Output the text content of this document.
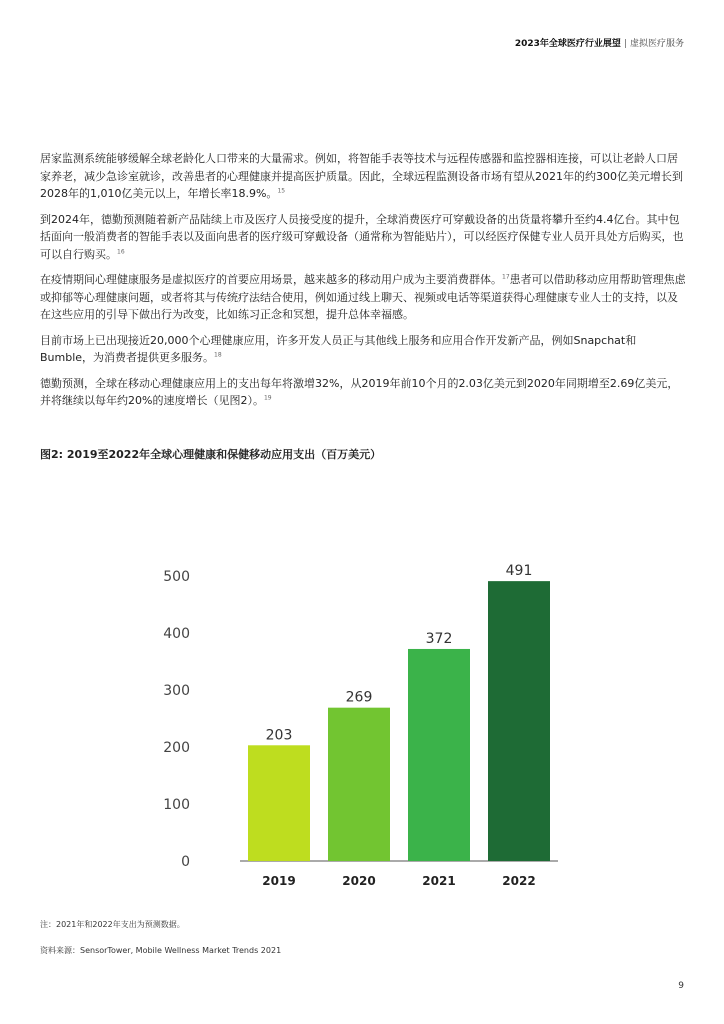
2023年全球医疗行业展望 | 虚拟医疗服务

居家监测系统能够缓解全球老龄化人口带来的大量需求。例如，将智能手表等技术与远程传感器和监控器相连接，可以让老龄人口居家养老，减少急诊室就诊，改善患者的心理健康并提高医护质量。因此，全球远程监测设备市场有望从2021年的约300亿美元增长到2028年的1,010亿美元以上，年增长率18.9%。$^{15}$

到2024年，德勤预测随着新产品陆续上市及医疗人员接受度的提升，全球消费医疗可穿戴设备的出货量将攀升至约4.4亿台。其中包括面向一般消费者的智能手表以及面向患者的医疗级可穿戴设备（通常称为智能贴片），可以经医疗保健专业人员开具处方后购买，也可以自行购买。$^{16}$

在疫情期间心理健康服务是虚拟医疗的首要应用场景，越来越多的移动用户成为主要消费群体。$^{17}$患者可以借助移动应用帮助管理焦虑或抑郁等心理健康问题，或者将其与传统疗法结合使用，例如通过线上聊天、视频或电话等渠道获得心理健康专业人士的支持，以及在这些应用的引导下做出行为改变，比如练习正念和冥想，提升总体幸福感。

目前市场上已出现接近20,000个心理健康应用，许多开发人员正与其他线上服务和应用合作开发新产品，例如Snapchat和Bumble，为消费者提供更多服务。$^{18}$

德勤预测，全球在移动心理健康应用上的支出每年将激增32%，从2019年前10个月的2.03亿美元到2020年同期增至2.69亿美元，并将继续以每年约20%的速度增长（见图2）。$^{19}$

图2: 2019至2022年全球心理健康和保健移动应用支出（百万美元）
0
100
200
300
400
500
203
2019
269
2020
372
2021
491
2022
注：2021年和2022年支出为预测数据。
资料来源：SensorTower, Mobile Wellness Market Trends 2021
9
